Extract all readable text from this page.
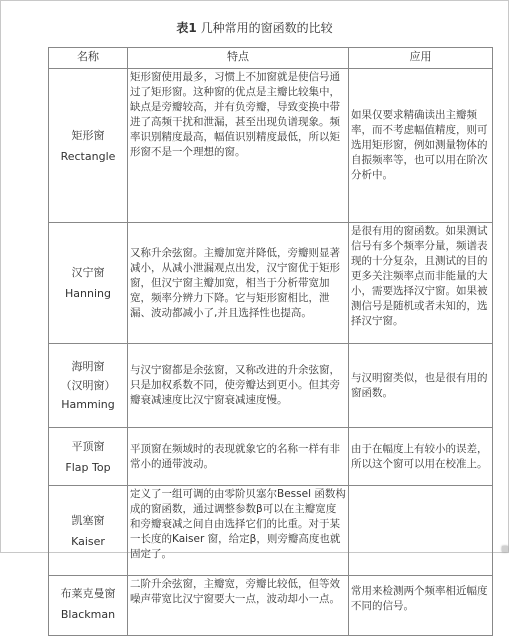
表1 几种常用的窗函数的比较
名称	特点	应用

矩形窗
Rectangle	矩形窗使用最多，习惯上不加窗就是使信号通过了矩形窗。这种窗的优点是主瓣比较集中，缺点是旁瓣较高，并有负旁瓣，导致变换中带进了高频干扰和泄漏，甚至出现负谱现象。频率识别精度最高，幅值识别精度最低，所以矩形窗不是一个理想的窗。	如果仅要求精确读出主瓣频率，而不考虑幅值精度，则可选用矩形窗，例如测量物体的自振频率等，也可以用在阶次分析中。

汉宁窗
Hanning	又称升余弦窗。主瓣加宽并降低，旁瓣则显著减小，从减小泄漏观点出发，汉宁窗优于矩形窗，但汉宁窗主瓣加宽，相当于分析带宽加宽，频率分辨力下降。它与矩形窗相比，泄漏、波动都减小了,并且选择性也提高。	是很有用的窗函数。如果测试信号有多个频率分量，频谱表现的十分复杂，且测试的目的更多关注频率点而非能量的大小，需要选择汉宁窗。如果被测信号是随机或者未知的，选择汉宁窗。

海明窗
（汉明窗）
Hamming	与汉宁窗都是余弦窗，又称改进的升余弦窗，只是加权系数不同，使旁瓣达到更小。但其旁瓣衰减速度比汉宁窗衰减速度慢。	与汉明窗类似，也是很有用的窗函数。

平顶窗
Flap Top	平顶窗在频域时的表现就象它的名称一样有非常小的通带波动。	由于在幅度上有较小的误差，所以这个窗可以用在校准上。

凯塞窗
Kaiser	定义了一组可调的由零阶贝塞尔Bessel 函数构成的窗函数，通过调整参数β可以在主瓣宽度和旁瓣衰减之间自由选择它们的比重。对于某一长度的Kaiser 窗，给定β，则旁瓣高度也就固定了。	

布莱克曼窗
Blackman	二阶升余弦窗，主瓣宽，旁瓣比较低，但等效噪声带宽比汉宁窗要大一点，波动却小一点。	常用来检测两个频率相近幅度不同的信号。
